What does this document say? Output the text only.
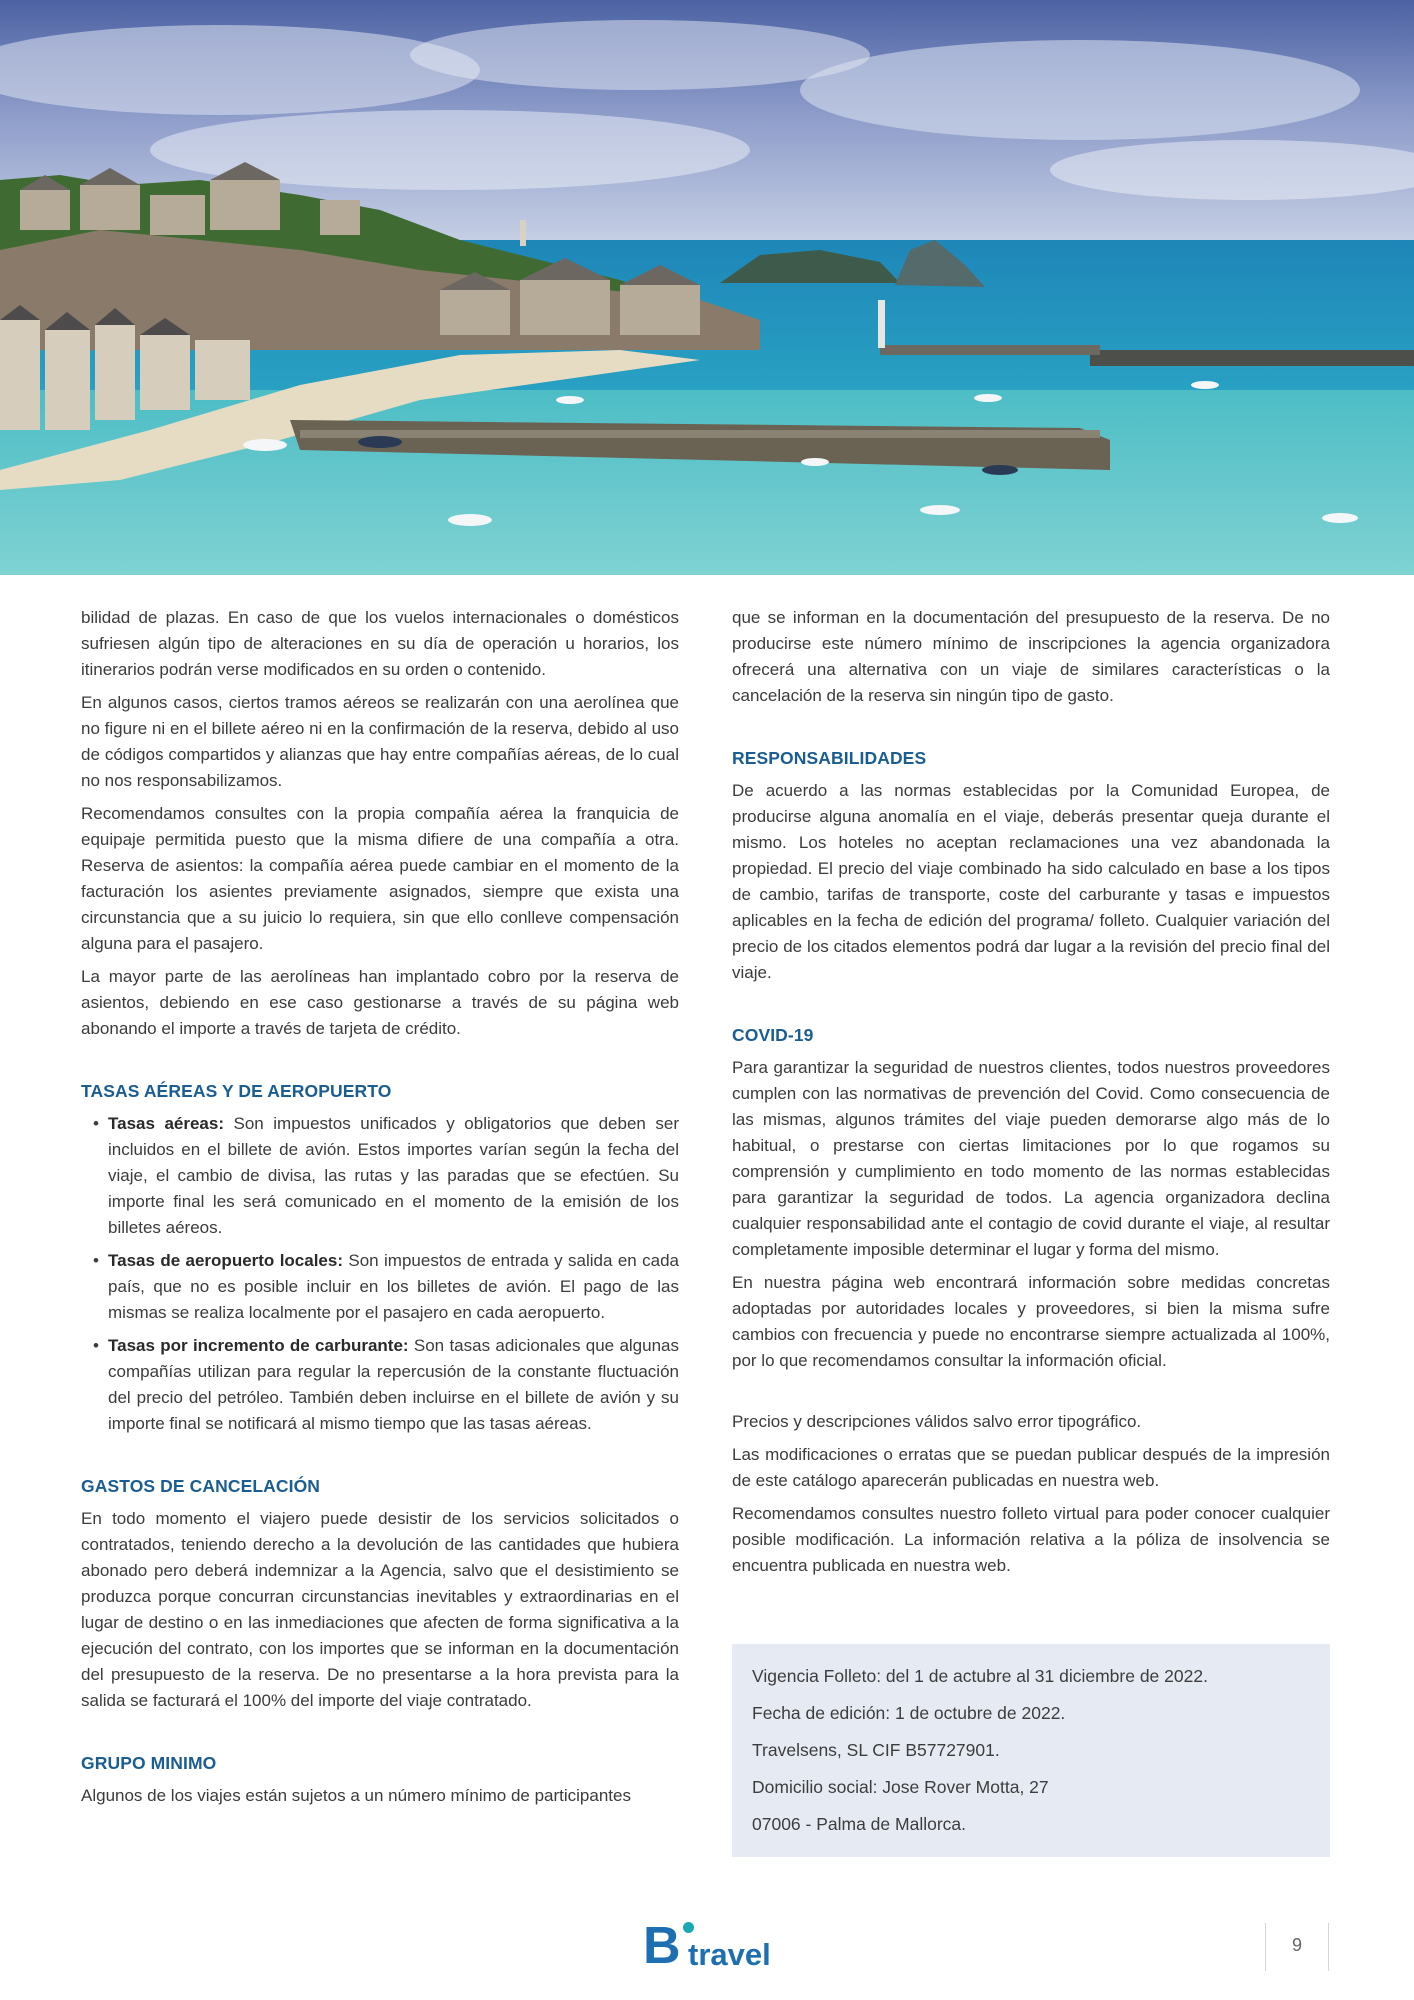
bilidad de plazas. En caso de que los vuelos internacionales o domésticos sufriesen algún tipo de alteraciones en su día de operación u horarios, los itinerarios podrán verse modificados en su orden o contenido.

En algunos casos, ciertos tramos aéreos se realizarán con una aerolínea que no figure ni en el billete aéreo ni en la confirmación de la reserva, debido al uso de códigos compartidos y alianzas que hay entre compañías aéreas, de lo cual no nos responsabilizamos.

Recomendamos consultes con la propia compañía aérea la franquicia de equipaje permitida puesto que la misma difiere de una compañía a otra. Reserva de asientos: la compañía aérea puede cambiar en el momento de la facturación los asientes previamente asignados, siempre que exista una circunstancia que a su juicio lo requiera, sin que ello conlleve compensación alguna para el pasajero.

La mayor parte de las aerolíneas han implantado cobro por la reserva de asientos, debiendo en ese caso gestionarse a través de su página web abonando el importe a través de tarjeta de crédito.

TASAS AÉREAS Y DE AEROPUERTO
• Tasas aéreas: Son impuestos unificados y obligatorios que deben ser incluidos en el billete de avión. Estos importes varían según la fecha del viaje, el cambio de divisa, las rutas y las paradas que se efectúen. Su importe final les será comunicado en el momento de la emisión de los billetes aéreos.
• Tasas de aeropuerto locales: Son impuestos de entrada y salida en cada país, que no es posible incluir en los billetes de avión. El pago de las mismas se realiza localmente por el pasajero en cada aeropuerto.
• Tasas por incremento de carburante: Son tasas adicionales que algunas compañías utilizan para regular la repercusión de la constante fluctuación del precio del petróleo. También deben incluirse en el billete de avión y su importe final se notificará al mismo tiempo que las tasas aéreas.
GASTOS DE CANCELACIÓN

En todo momento el viajero puede desistir de los servicios solicitados o contratados, teniendo derecho a la devolución de las cantidades que hubiera abonado pero deberá indemnizar a la Agencia, salvo que el desistimiento se produzca porque concurran circunstancias inevitables y extraordinarias en el lugar de destino o en las inmediaciones que afecten de forma significativa a la ejecución del contrato, con los importes que se informan en la documentación del presupuesto de la reserva. De no presentarse a la hora prevista para la salida se facturará el 100% del importe del viaje contratado.

GRUPO MINIMO

Algunos de los viajes están sujetos a un número mínimo de participantes

que se informan en la documentación del presupuesto de la reserva. De no producirse este número mínimo de inscripciones la agencia organizadora ofrecerá una alternativa con un viaje de similares características o la cancelación de la reserva sin ningún tipo de gasto.

RESPONSABILIDADES

De acuerdo a las normas establecidas por la Comunidad Europea, de producirse alguna anomalía en el viaje, deberás presentar queja durante el mismo. Los hoteles no aceptan reclamaciones una vez abandonada la propiedad. El precio del viaje combinado ha sido calculado en base a los tipos de cambio, tarifas de transporte, coste del carburante y tasas e impuestos aplicables en la fecha de edición del programa/ folleto. Cualquier variación del precio de los citados elementos podrá dar lugar a la revisión del precio final del viaje.

COVID-19

Para garantizar la seguridad de nuestros clientes, todos nuestros proveedores cumplen con las normativas de prevención del Covid. Como consecuencia de las mismas, algunos trámites del viaje pueden demorarse algo más de lo habitual, o prestarse con ciertas limitaciones por lo que rogamos su comprensión y cumplimiento en todo momento de las normas establecidas para garantizar la seguridad de todos. La agencia organizadora declina cualquier responsabilidad ante el contagio de covid durante el viaje, al resultar completamente imposible determinar el lugar y forma del mismo.

En nuestra página web encontrará información sobre medidas concretas adoptadas por autoridades locales y proveedores, si bien la misma sufre cambios con frecuencia y puede no encontrarse siempre actualizada al 100%, por lo que recomendamos consultar la información oficial.

Precios y descripciones válidos salvo error tipográfico.

Las modificaciones o erratas que se puedan publicar después de la impresión de este catálogo aparecerán publicadas en nuestra web.

Recomendamos consultes nuestro folleto virtual para poder conocer cualquier posible modificación. La información relativa a la póliza de insolvencia se encuentra publicada en nuestra web.

Vigencia Folleto: del 1 de actubre al 31 diciembre de 2022.
Fecha de edición: 1 de octubre de 2022.
Travelsens, SL CIF B57727901.
Domicilio social: Jose Rover Motta, 27
07006 - Palma de Mallorca.
B travel	9
